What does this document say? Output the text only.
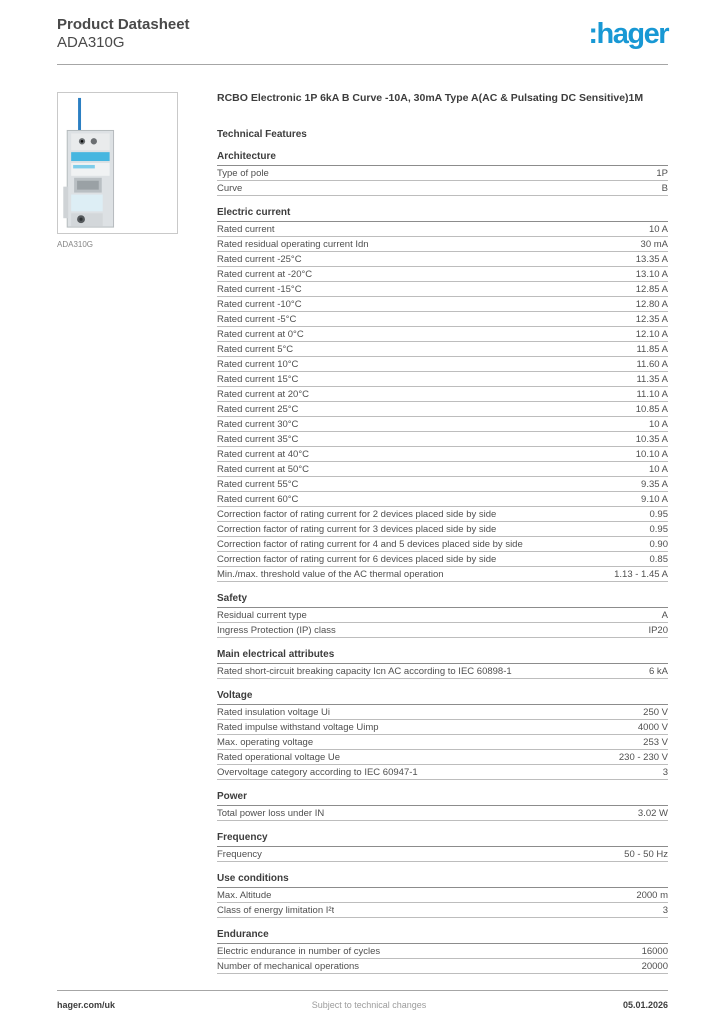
Product Datasheet
ADA310G	:hager
ADA310G
RCBO Electronic 1P 6kA B Curve -10A, 30mA Type A(AC & Pulsating DC Sensitive)1M
Technical Features
Architecture
Type of pole	1P
Curve	B
Electric current
Rated current	10 A
Rated residual operating current Idn	30 mA
Rated current -25°C	13.35 A
Rated current at -20°C	13.10 A
Rated current -15°C	12.85 A
Rated current -10°C	12.80 A
Rated current -5°C	12.35 A
Rated current at 0°C	12.10 A
Rated current 5°C	11.85 A
Rated current 10°C	11.60 A
Rated current 15°C	11.35 A
Rated current at 20°C	11.10 A
Rated current 25°C	10.85 A
Rated current 30°C	10 A
Rated current 35°C	10.35 A
Rated current at 40°C	10.10 A
Rated current at 50°C	10 A
Rated current 55°C	9.35 A
Rated current 60°C	9.10 A
Correction factor of rating current for 2 devices placed side by side	0.95
Correction factor of rating current for 3 devices placed side by side	0.95
Correction factor of rating current for 4 and 5 devices placed side by side	0.90
Correction factor of rating current for 6 devices placed side by side	0.85
Min./max. threshold value of the AC thermal operation	1.13 - 1.45 A
Safety
Residual current type	A
Ingress Protection (IP) class	IP20
Main electrical attributes
Rated short-circuit breaking capacity Icn AC according to IEC 60898-1	6 kA
Voltage
Rated insulation voltage Ui	250 V
Rated impulse withstand voltage Uimp	4000 V
Max. operating voltage	253 V
Rated operational voltage Ue	230 - 230 V
Overvoltage category according to IEC 60947-1	3
Power
Total power loss under IN	3.02 W
Frequency
Frequency	50 - 50 Hz
Use conditions
Max. Altitude	2000 m
Class of energy limitation I²t	3
Endurance
Electric endurance in number of cycles	16000
Number of mechanical operations	20000
hager.com/uk	Subject to technical changes	05.01.2026
